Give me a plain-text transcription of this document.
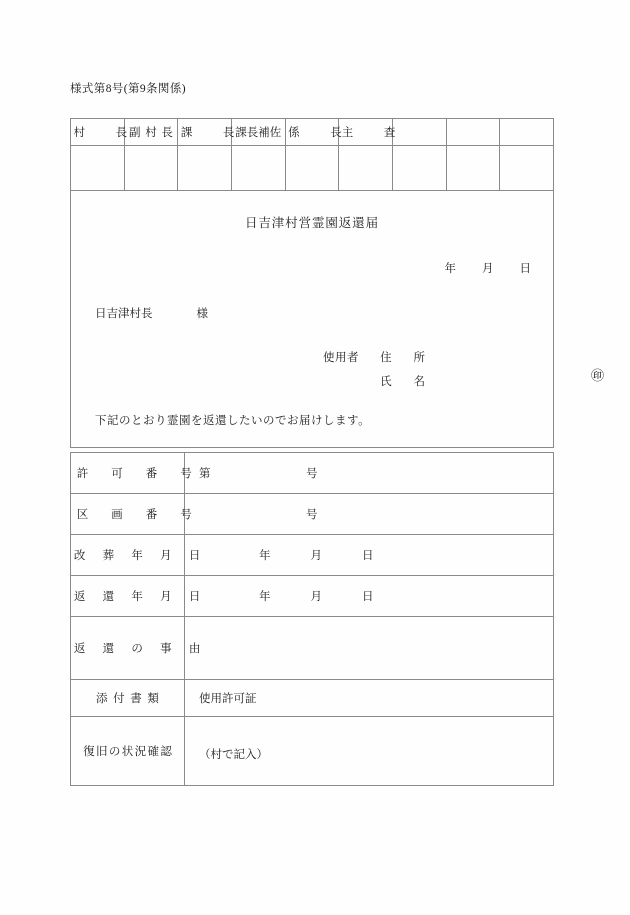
様式第8号(第9条関係)
村　　長	副 村 長	課　　長	課長補佐	係　　長	主　　査			

日吉津村営霊園返還届
年 月 日
日吉津村長	様
使用者	住　所
氏　名	㊞
下記のとおり霊園を返還したいのでお届けします。
許　可　番　号	第 号

区　画　番　号	号

改　葬　年　月　日	年 月 日

返　還　年　月　日	年 月 日

返　還　の　事　由	
添 付 書 類	使用許可証
復旧の状況確認	（村で記入）
